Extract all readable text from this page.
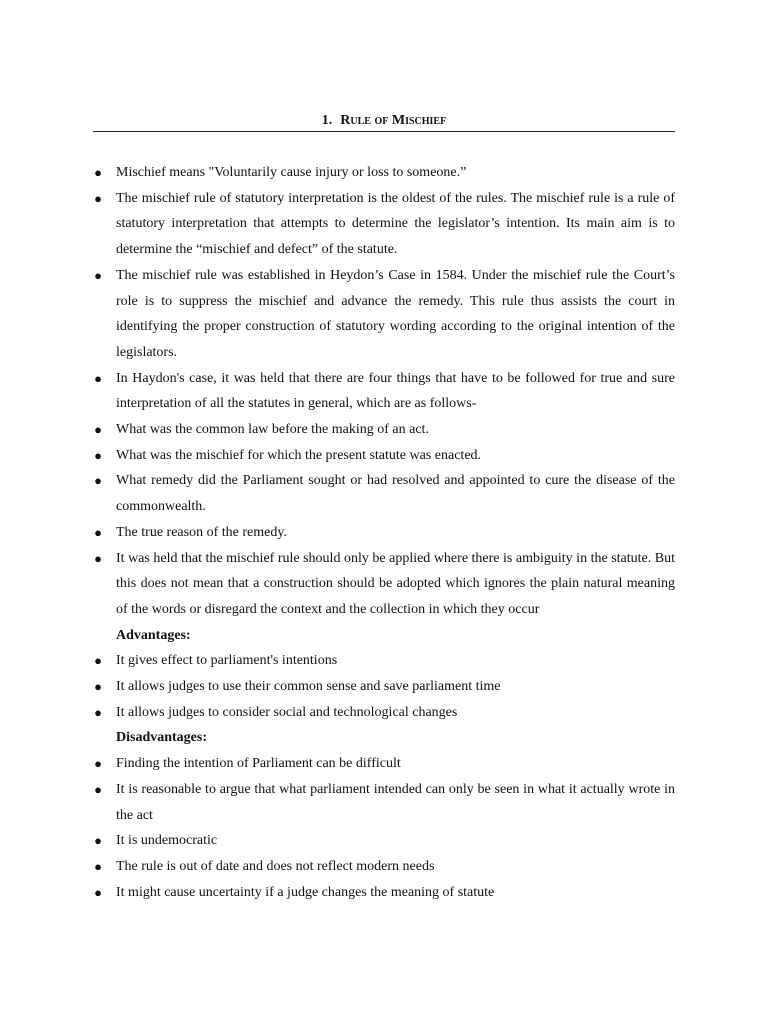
1. Rule of Mischief
● Mischief means "Voluntarily cause injury or loss to someone.”
● The mischief rule of statutory interpretation is the oldest of the rules. The mischief rule is a rule of statutory interpretation that attempts to determine the legislator’s intention. Its main aim is to determine the “mischief and defect” of the statute.
● The mischief rule was established in Heydon’s Case in 1584. Under the mischief rule the Court’s role is to suppress the mischief and advance the remedy. This rule thus assists the court in identifying the proper construction of statutory wording according to the original intention of the legislators.
● In Haydon's case, it was held that there are four things that have to be followed for true and sure interpretation of all the statutes in general, which are as follows-
● What was the common law before the making of an act.
● What was the mischief for which the present statute was enacted.
● What remedy did the Parliament sought or had resolved and appointed to cure the disease of the commonwealth.
● The true reason of the remedy.
● It was held that the mischief rule should only be applied where there is ambiguity in the statute. But this does not mean that a construction should be adopted which ignores the plain natural meaning of the words or disregard the context and the collection in which they occur
Advantages:
● It gives effect to parliament's intentions
● It allows judges to use their common sense and save parliament time
● It allows judges to consider social and technological changes
Disadvantages:
● Finding the intention of Parliament can be difficult
● It is reasonable to argue that what parliament intended can only be seen in what it actually wrote in the act
● It is undemocratic
● The rule is out of date and does not reflect modern needs
● It might cause uncertainty if a judge changes the meaning of statute
